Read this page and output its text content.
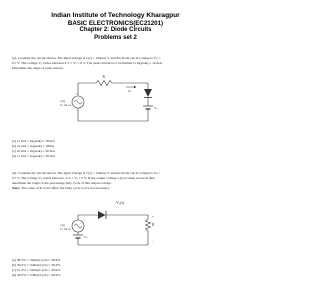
Indian Institute of Technology Kharagpur
BASIC ELECTRONICS(EC21201)
Chapter 2: Diode Circuits
Problems set 2
Q1. Consider the circuit shown. The input voltage is vᵢ(t) = 15sinωt V and the diode cut-in voltage is Vγ =
0.7 V. The voltage Vᵦ varies between 4 V ≤ Vᵦ ≤ 8 V. The peak current is to be limited to iᴅ(peak) = 10 mA.
Determine the range of peak current.
+
−
R
iᴅ
Vᵦ
vᵢ(t)
Vᵦ sin ωt
(a) 11 mA ≤ iᴅ(peak) ≤ 18 mA
(b) 21 mA ≤ iᴅ(peak) ≤ 18mA
(c) 10 mA ≤ iᴅ(peak) ≤ 20 mA
(d) 11 mA ≤ iᴅ(peak) ≤ 28 mA
Q2. Consider the circuit shown. The input voltage is vᵢ(t) = 15sinωt V and the diode cut-in voltage is Vγ =
0.7 V. The voltage Vᵦ varies between -4 V ≤ Vᵦ ≤ 0 V. If the output voltage vₒ(t) is taken across R then
determine the range of the percentage duty cycle of this output voltage.
Note: The value of R won't affect the Duty cycle so it's not necessary.
+
−
Vₒ(t)
R
Vᵦ
vᵢ(t)
Vᵦ sin ωt
(a) 38.3% ≤ %DutyCycle ≤ 49.9%
(b) 30.3% ≤ %DutyCycle ≤ 39.9%
(c) 41.3% ≤ %DutyCycle ≤ 49.9%
(d) 40.3% ≤ %DutyCycle ≤ 49.9%
